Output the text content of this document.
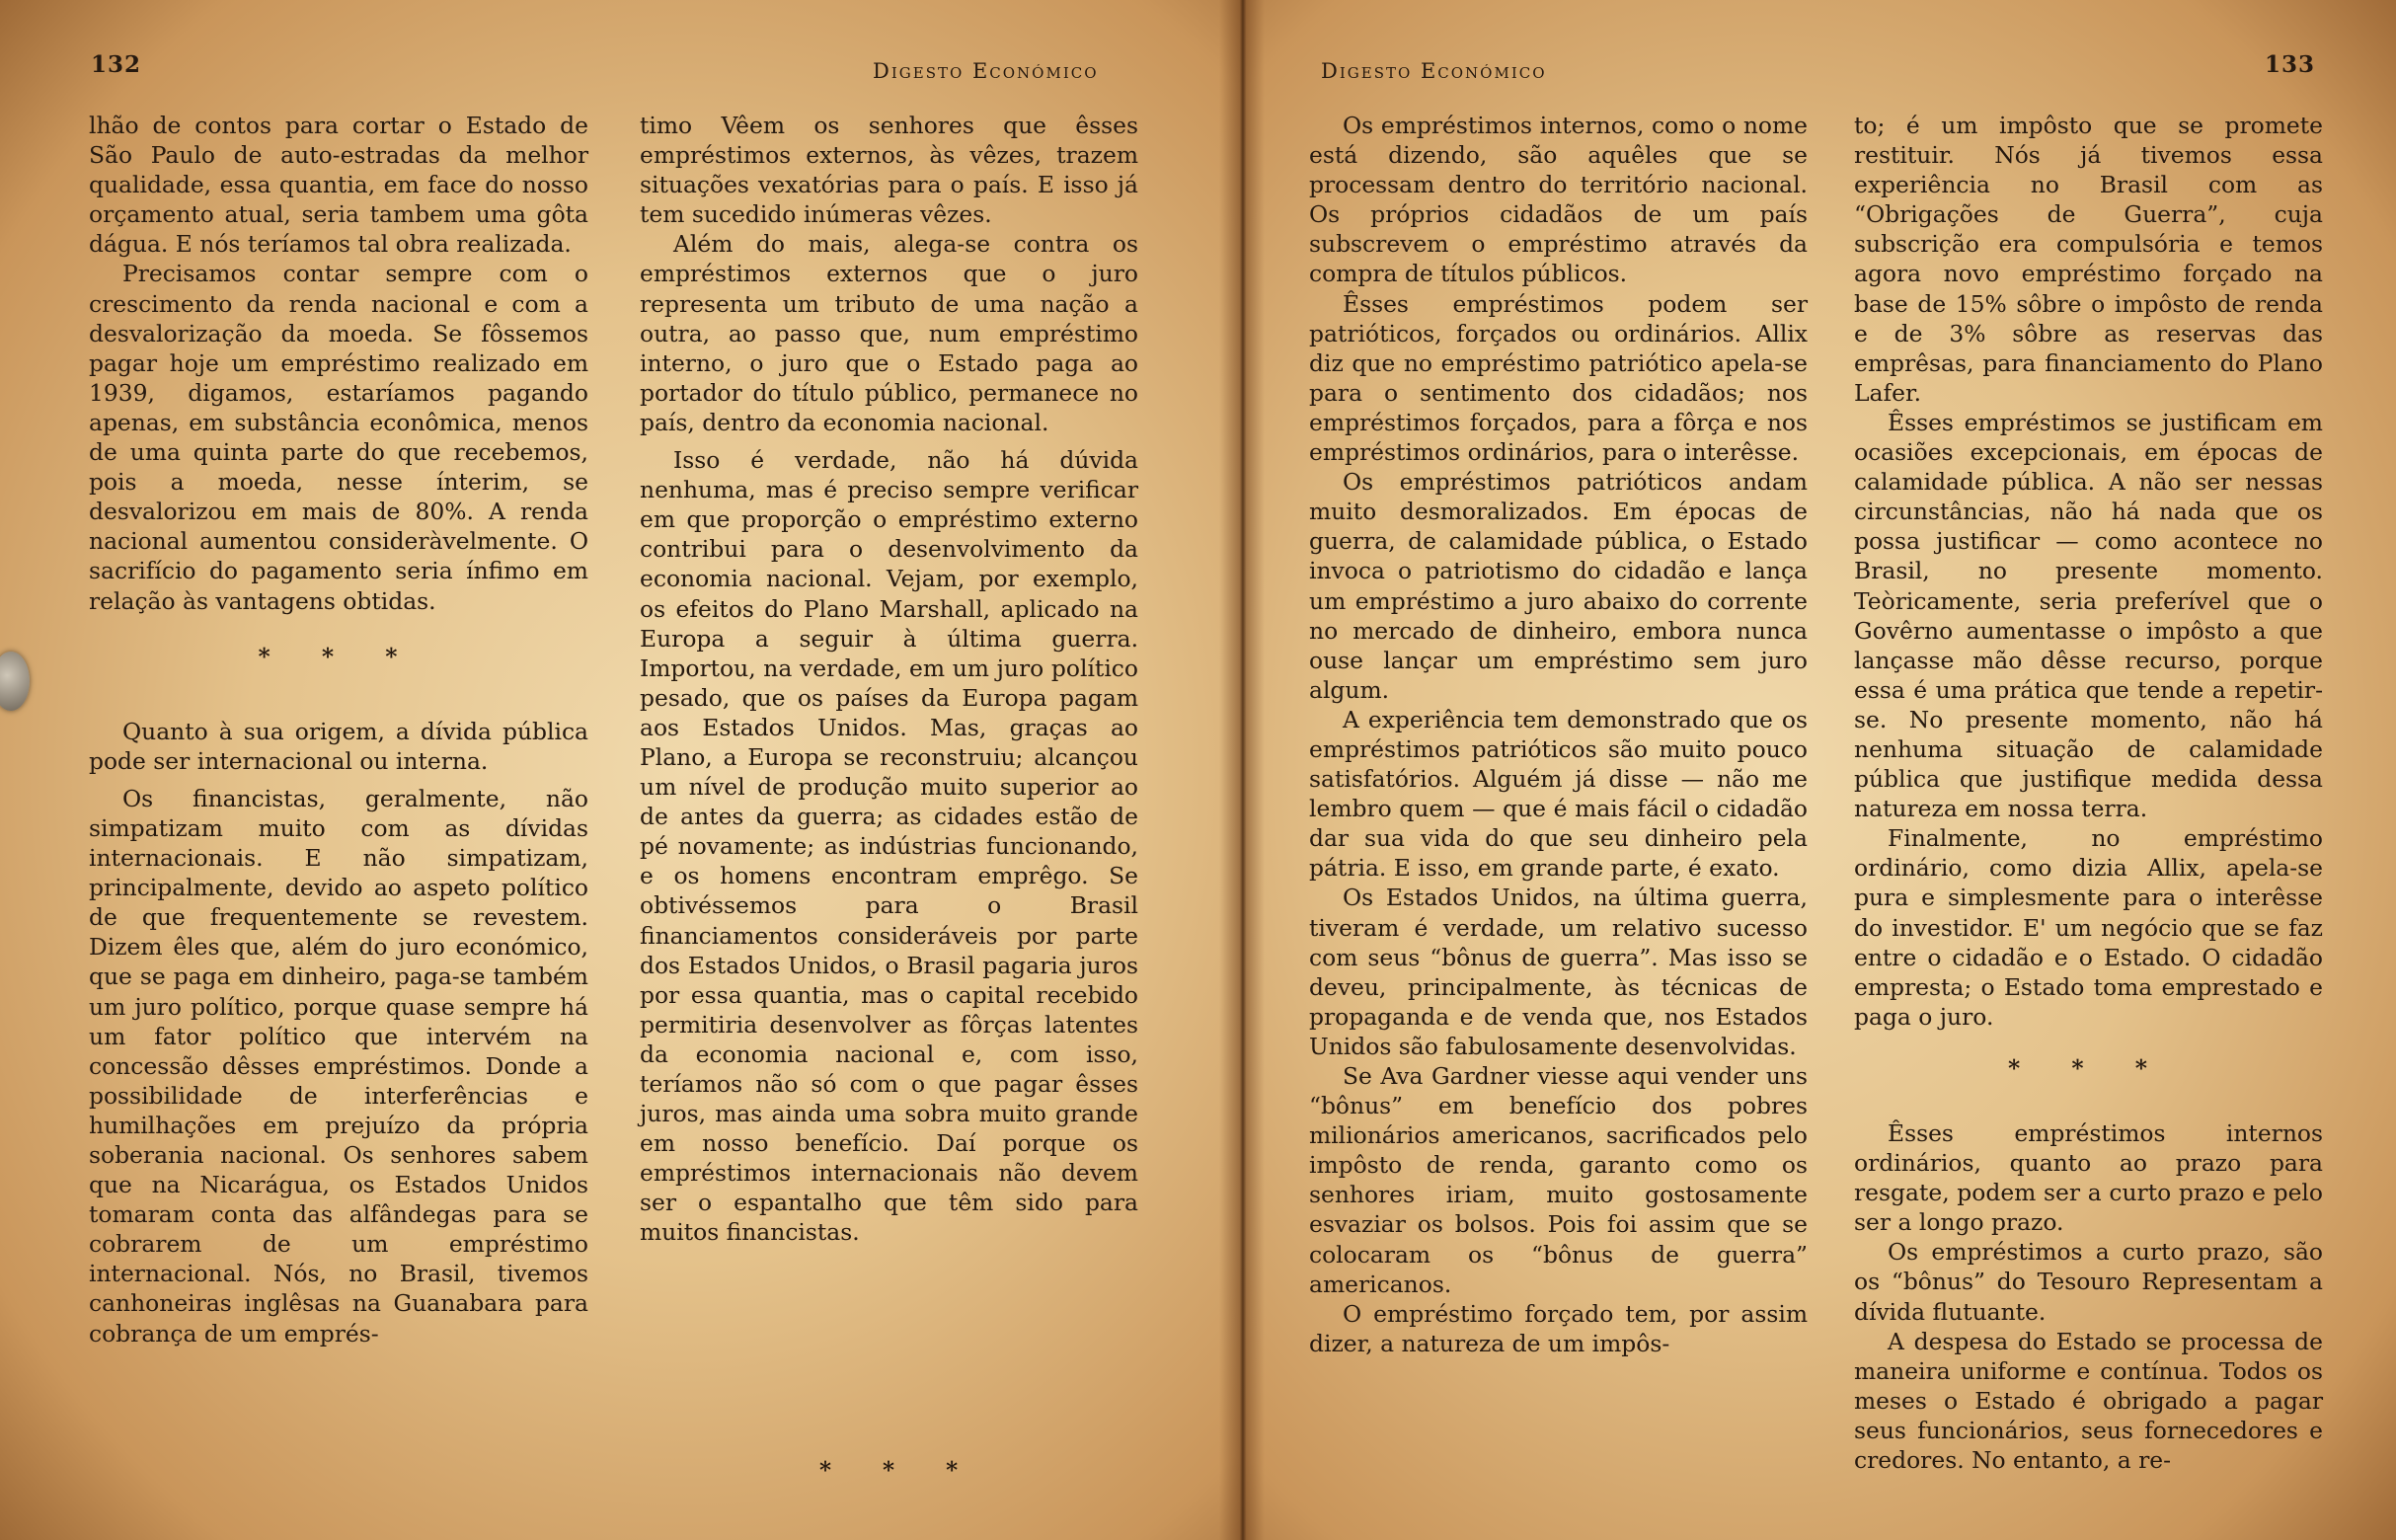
132	Digesto Económico

lhão de contos para cortar o Estado de São Paulo de auto-estradas da melhor qualidade, essa quantia, em face do nosso orçamento atual, seria tambem uma gôta dágua. E nós teríamos tal obra realizada.

Precisamos contar sempre com o crescimento da renda nacional e com a desvalorização da moeda. Se fôssemos pagar hoje um empréstimo realizado em 1939, digamos, estaríamos pagando apenas, em substância econômica, menos de uma quinta parte do que recebemos, pois a moeda, nesse ínterim, se desvalorizou em mais de 80%. A renda nacional aumentou consideràvelmente. O sacrifício do pagamento seria ínfimo em relação às vantagens obtidas.

* * *

Quanto à sua origem, a dívida pública pode ser internacional ou interna.

Os financistas, geralmente, não simpatizam muito com as dívidas internacionais. E não simpatizam, principalmente, devido ao aspeto político de que frequentemente se revestem. Dizem êles que, além do juro económico, que se paga em dinheiro, paga-se também um juro político, porque quase sempre há um fator político que intervém na concessão dêsses empréstimos. Donde a possibilidade de interferências e humilhações em prejuízo da própria soberania nacional. Os senhores sabem que na Nicarágua, os Estados Unidos tomaram conta das alfândegas para se cobrarem de um empréstimo internacional. Nós, no Brasil, tivemos canhoneiras inglêsas na Guanabara para cobrança de um emprés-

timo Vêem os senhores que êsses empréstimos externos, às vêzes, trazem situações vexatórias para o país. E isso já tem sucedido inúmeras vêzes.

Além do mais, alega-se contra os empréstimos externos que o juro representa um tributo de uma nação a outra, ao passo que, num empréstimo interno, o juro que o Estado paga ao portador do título público, permanece no país, dentro da economia nacional.

Isso é verdade, não há dúvida nenhuma, mas é preciso sempre verificar em que proporção o empréstimo externo contribui para o desenvolvimento da economia nacional. Vejam, por exemplo, os efeitos do Plano Marshall, aplicado na Europa a seguir à última guerra. Importou, na verdade, em um juro político pesado, que os países da Europa pagam aos Estados Unidos. Mas, graças ao Plano, a Europa se reconstruiu; alcançou um nível de produção muito superior ao de antes da guerra; as cidades estão de pé novamente; as indústrias funcionando, e os homens encontram emprêgo. Se obtivéssemos para o Brasil financiamentos consideráveis por parte dos Estados Unidos, o Brasil pagaria juros por essa quantia, mas o capital recebido permitiria desenvolver as fôrças latentes da economia nacional e, com isso, teríamos não só com o que pagar êsses juros, mas ainda uma sobra muito grande em nosso benefício. Daí porque os empréstimos internacionais não devem ser o espantalho que têm sido para muitos financistas.

* * *
Digesto Económico	133

Os empréstimos internos, como o nome está dizendo, são aquêles que se processam dentro do território nacional. Os próprios cidadãos de um país subscrevem o empréstimo através da compra de títulos públicos.

Êsses empréstimos podem ser patrióticos, forçados ou ordinários. Allix diz que no empréstimo patriótico apela-se para o sentimento dos cidadãos; nos empréstimos forçados, para a fôrça e nos empréstimos ordinários, para o interêsse.

Os empréstimos patrióticos andam muito desmoralizados. Em épocas de guerra, de calamidade pública, o Estado invoca o patriotismo do cidadão e lança um empréstimo a juro abaixo do corrente no mercado de dinheiro, embora nunca ouse lançar um empréstimo sem juro algum.

A experiência tem demonstrado que os empréstimos patrióticos são muito pouco satisfatórios. Alguém já disse — não me lembro quem — que é mais fácil o cidadão dar sua vida do que seu dinheiro pela pátria. E isso, em grande parte, é exato.

Os Estados Unidos, na última guerra, tiveram é verdade, um relativo sucesso com seus “bônus de guerra”. Mas isso se deveu, principalmente, às técnicas de propaganda e de venda que, nos Estados Unidos são fabulosamente desenvolvidas.

Se Ava Gardner viesse aqui vender uns “bônus” em benefício dos pobres milionários americanos, sacrificados pelo impôsto de renda, garanto como os senhores iriam, muito gostosamente esvaziar os bolsos. Pois foi assim que se colocaram os “bônus de guerra” americanos.

O empréstimo forçado tem, por assim dizer, a natureza de um impôs-

to; é um impôsto que se promete restituir. Nós já tivemos essa experiência no Brasil com as “Obrigações de Guerra”, cuja subscrição era compulsória e temos agora novo empréstimo forçado na base de 15% sôbre o impôsto de renda e de 3% sôbre as reservas das emprêsas, para financiamento do Plano Lafer.

Êsses empréstimos se justificam em ocasiões excepcionais, em épocas de calamidade pública. A não ser nessas circunstâncias, não há nada que os possa justificar — como acontece no Brasil, no presente momento. Teòricamente, seria preferível que o Govêrno aumentasse o impôsto a que lançasse mão dêsse recurso, porque essa é uma prática que tende a repetir-se. No presente momento, não há nenhuma situação de calamidade pública que justifique medida dessa natureza em nossa terra.

Finalmente, no empréstimo ordinário, como dizia Allix, apela-se pura e simplesmente para o interêsse do investidor. E' um negócio que se faz entre o cidadão e o Estado. O cidadão empresta; o Estado toma emprestado e paga o juro.

* * *

Êsses empréstimos internos ordinários, quanto ao prazo para resgate, podem ser a curto prazo e pelo ser a longo prazo.

Os empréstimos a curto prazo, são os “bônus” do Tesouro Representam a dívida flutuante.

A despesa do Estado se processa de maneira uniforme e contínua. Todos os meses o Estado é obrigado a pagar seus funcionários, seus fornecedores e credores. No entanto, a re-
